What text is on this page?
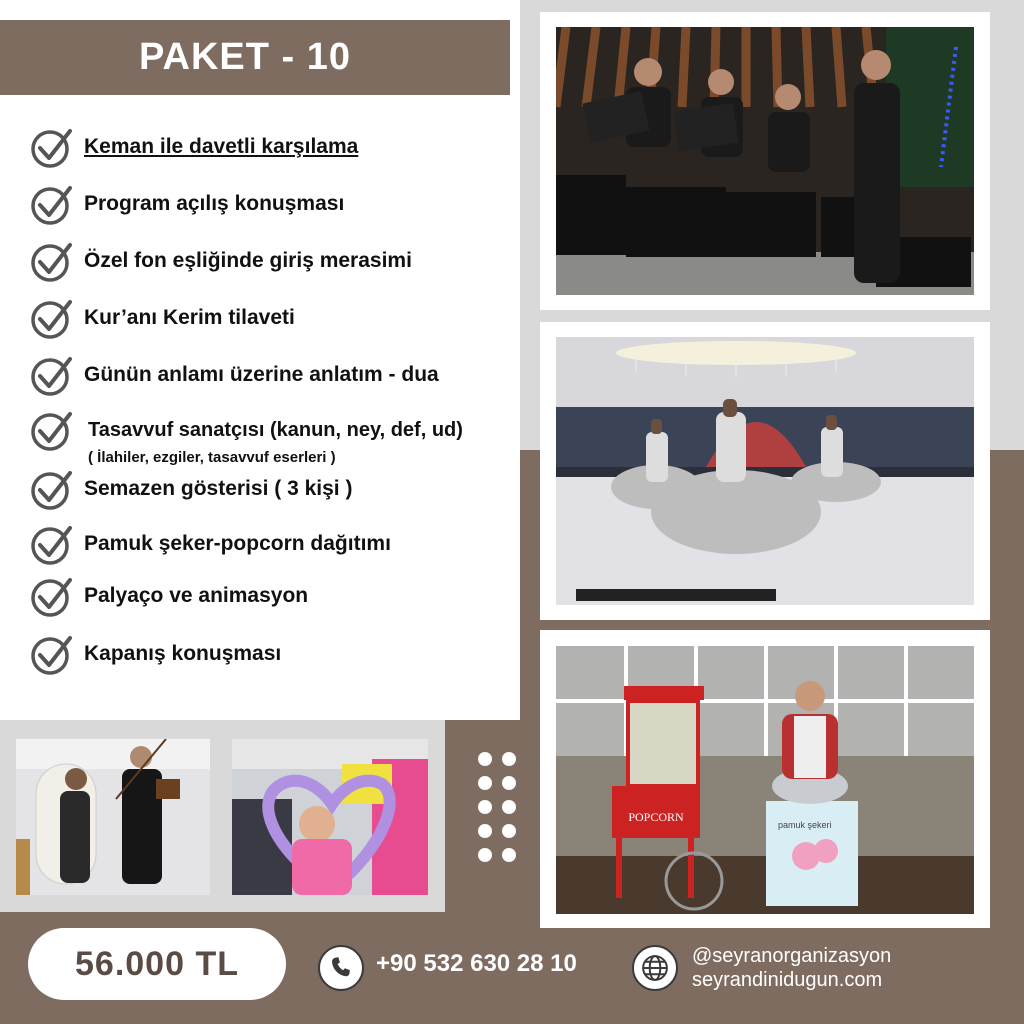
PAKET - 10
Keman ile davetli karşılama
Program açılış konuşması
Özel fon eşliğinde giriş merasimi
Kur’anı Kerim tilaveti
Günün anlamı üzerine anlatım - dua
Tasavvuf sanatçısı (kanun, ney, def, ud)
( İlahiler, ezgiler, tasavvuf eserleri )
Semazen gösterisi ( 3 kişi )
Pamuk şeker-popcorn dağıtımı
Palyaço ve animasyon
Kapanış konuşması
POPCORN
pamuk şekeri
56.000 TL	+90 532 630 28 10	@seyranorganizasyon
seyrandinidugun.com
